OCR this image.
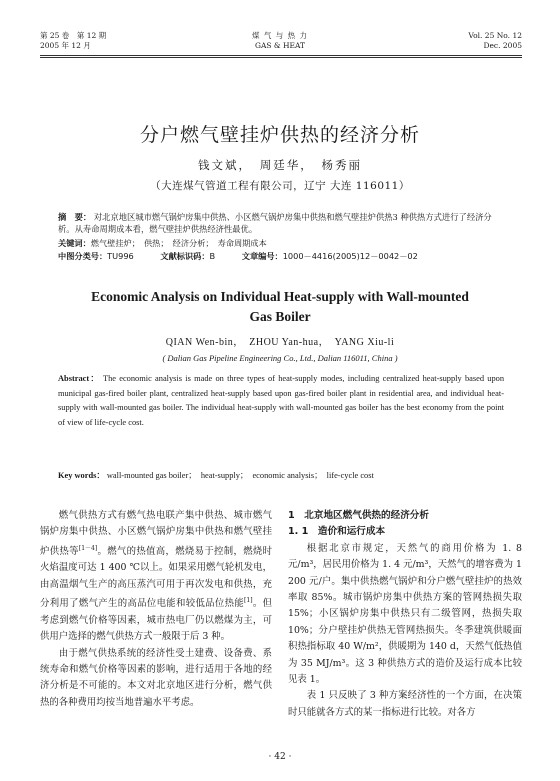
第 25 卷　第 12 期
2005 年 12 月
煤 气 与 热 力
GAS & HEAT
Vol. 25 No. 12
Dec. 2005
分户燃气壁挂炉供热的经济分析
钱文斌，　周廷华，　杨秀丽
（大连煤气管道工程有限公司，辽宁 大连 116011）
摘　要： 对北京地区城市燃气锅炉房集中供热、小区燃气锅炉房集中供热和燃气壁挂炉供热3 种供热方式进行了经济分析。从寿命周期成本看，燃气壁挂炉供热经济性最优。
关键词：燃气壁挂炉；　供热；　经济分析；　寿命周期成本
中图分类号：TU996	文献标识码：B	文章编号：1000－4416(2005)12－0042－02
Economic Analysis on Individual Heat-supply with Wall-mounted
Gas Boiler
QIAN Wen-bin，　ZHOU Yan-hua，　YANG Xiu-li
( Dalian Gas Pipeline Engineering Co., Ltd., Dalian 116011, China )

Abstract： The economic analysis is made on three types of heat-supply modes, including centralized heat-supply based upon municipal gas-fired boiler plant, centralized heat-supply based upon gas-fired boiler plant in residential area, and individual heat-supply with wall-mounted gas boiler. The individual heat-supply with wall-mounted gas boiler has the best economy from the point of view of life-cycle cost.

Key words： wall-mounted gas boiler；　heat-supply；　economic analysis；　life-cycle cost

燃气供热方式有燃气热电联产集中供热、城市燃气锅炉房集中供热、小区燃气锅炉房集中供热和燃气壁挂炉供热等[1－4]。燃气的热值高，燃烧易于控制，燃烧时火焰温度可达 1 400 ℃以上。如果采用燃气轮机发电，由高温烟气生产的高压蒸汽可用于再次发电和供热，充分利用了燃气产生的高品位电能和较低品位热能[1]。但考虑到燃气价格等因素，城市热电厂仍以燃煤为主，可供用户选择的燃气供热方式一般限于后 3 种。

由于燃气供热系统的经济性受土建费、设备费、系统寿命和燃气价格等因素的影响，进行适用于各地的经济分析是不可能的。本文对北京地区进行分析，燃气供热的各种费用均按当地普遍水平考虑。

1　北京地区燃气供热的经济分析
1. 1　造价和运行成本

根据北京市规定，天然气的商用价格为 1. 8 元/m³，居民用价格为 1. 4 元/m³，天然气的增容费为 1 200 元/户。集中供热燃气锅炉和分户燃气壁挂炉的热效率取 85%。城市锅炉房集中供热方案的管网热损失取 15%；小区锅炉房集中供热只有二级管网，热损失取 10%；分户壁挂炉供热无管网热损失。冬季建筑供暖面积热指标取 40 W/m²，供暖期为 140 d，天然气低热值为 35 MJ/m³。这 3 种供热方式的造价及运行成本比较见表 1。

表 1 只反映了 3 种方案经济性的一个方面，在决策时只能就各方式的某一指标进行比较。对各方

· 42 ·
